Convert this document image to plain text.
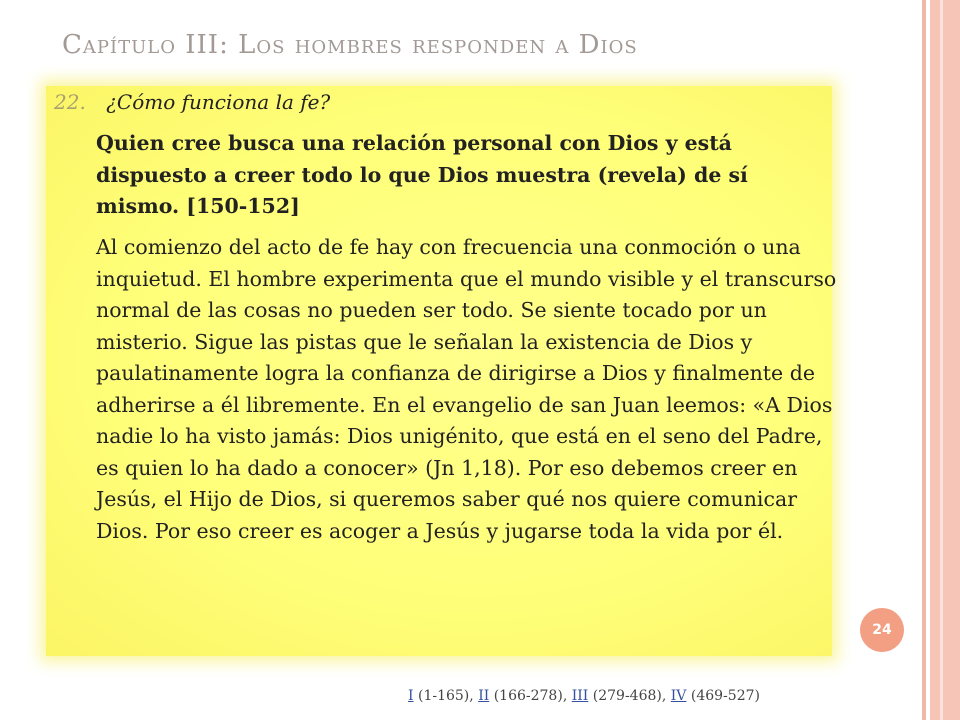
Capítulo III: Los hombres responden a Dios
22. ¿Cómo funciona la fe?
Quien cree busca una relación personal con Dios y está dispuesto a creer todo lo que Dios muestra (revela) de sí mismo. [150-152]
Al comienzo del acto de fe hay con frecuencia una conmoción o una inquietud. El hombre experimenta que el mundo visible y el transcurso normal de las cosas no pueden ser todo. Se siente tocado por un misterio. Sigue las pistas que le señalan la existencia de Dios y paulatinamente logra la confianza de dirigirse a Dios y finalmente de adherirse a él libremente. En el evangelio de san Juan leemos: «A Dios nadie lo ha visto jamás: Dios unigénito, que está en el seno del Padre, es quien lo ha dado a conocer» (Jn 1,18). Por eso debemos creer en Jesús, el Hijo de Dios, si queremos saber qué nos quiere comunicar Dios. Por eso creer es acoger a Jesús y jugarse toda la vida por él.
24
I (1-165), II (166-278), III (279-468), IV (469-527)
